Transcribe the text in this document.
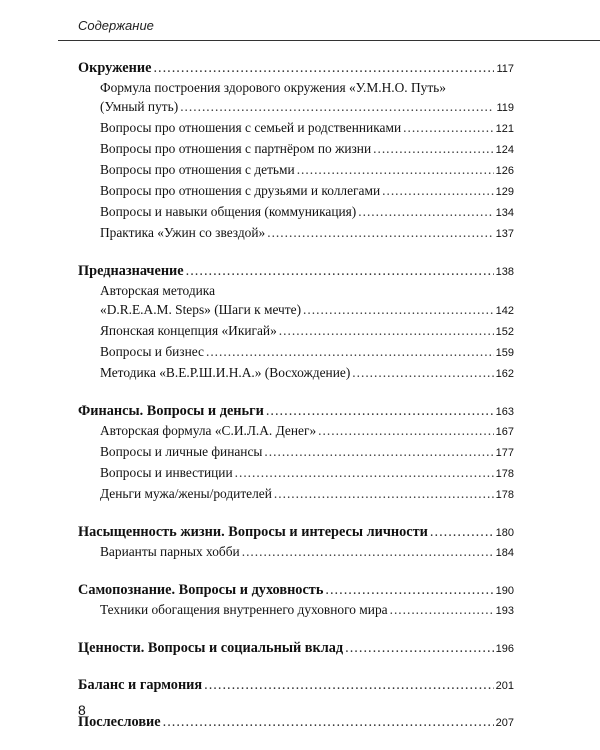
Содержание
Окружение .....	117
Формула построения здорового окружения «У.М.Н.О. Путь»
(Умный путь) .....	119
Вопросы про отношения с семьей и родственниками .....	121
Вопросы про отношения с партнёром по жизни .....	124
Вопросы про отношения с детьми .....	126
Вопросы про отношения с друзьями и коллегами .....	129
Вопросы и навыки общения (коммуникация) .....	134
Практика «Ужин со звездой» .....	137
Предназначение .....	138
Авторская методика
«D.R.E.A.M. Steps» (Шаги к мечте) .....	142
Японская концепция «Икигай» .....	152
Вопросы и бизнес .....	159
Методика «В.Е.Р.Ш.И.Н.А.» (Восхождение) .....	162
Финансы. Вопросы и деньги .....	163
Авторская формула «С.И.Л.А. Денег» .....	167
Вопросы и личные финансы .....	177
Вопросы и инвестиции .....	178
Деньги мужа/жены/родителей .....	178
Насыщенность жизни. Вопросы и интересы личности .....	180
Варианты парных хобби .....	184
Самопознание. Вопросы и духовность .....	190
Техники обогащения внутреннего духовного мира .....	193
Ценности. Вопросы и социальный вклад .....	196
Баланс и гармония .....	201
Послесловие .....	207
8
